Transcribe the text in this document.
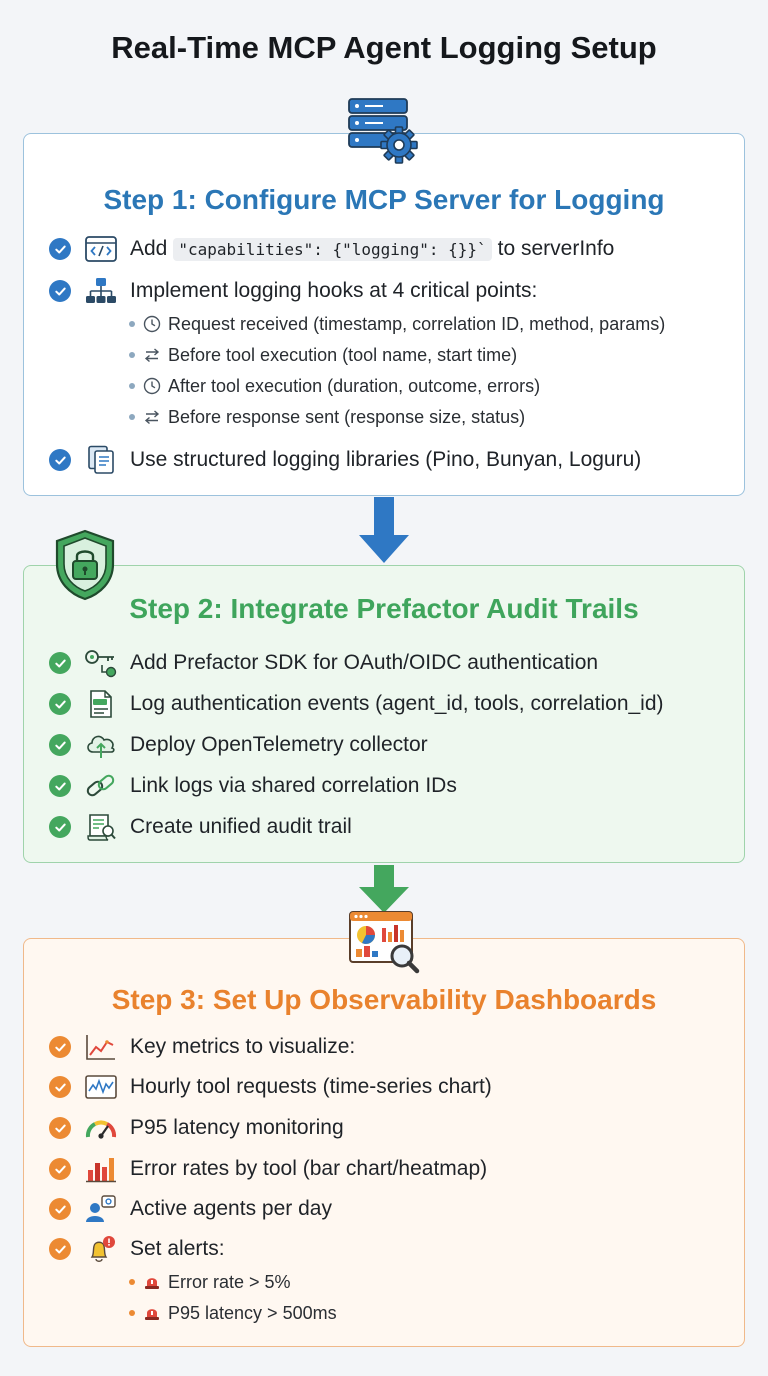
Real-Time MCP Agent Logging Setup
Step 1: Configure MCP Server for Logging
Add "capabilities": {"logging": {}}` to serverInfo
Implement logging hooks at 4 critical points:
Request received (timestamp, correlation ID, method, params)
Before tool execution (tool name, start time)
After tool execution (duration, outcome, errors)
Before response sent (response size, status)
Use structured logging libraries (Pino, Bunyan, Loguru)
Step 2: Integrate Prefactor Audit Trails
Add Prefactor SDK for OAuth/OIDC authentication
Log authentication events (agent_id, tools, correlation_id)
Deploy OpenTelemetry collector
Link logs via shared correlation IDs
Create unified audit trail
Step 3: Set Up Observability Dashboards
Key metrics to visualize:
Hourly tool requests (time-series chart)
P95 latency monitoring
Error rates by tool (bar chart/heatmap)
Active agents per day
Set alerts:
Error rate > 5%
P95 latency > 500ms
